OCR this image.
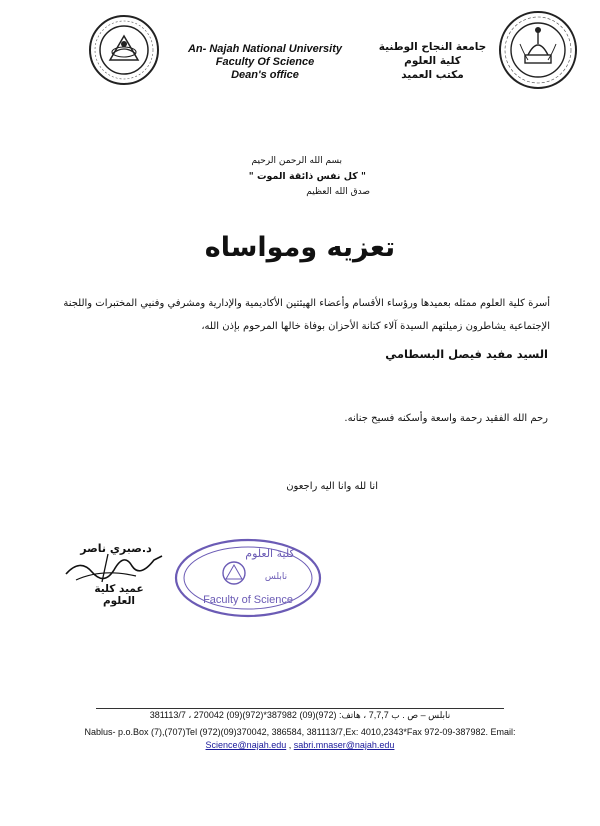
An- Najah National University
Faculty Of Science
Dean's office
جامعة النجاح الوطنية
كلية العلوم
مكتب العميد
بسم الله الرحمن الرحيم
" كل نفس ذائقة الموت "
صدق الله العظيم
تعزيه ومواساه
أسرة كلية العلوم ممثله بعميدها ورؤساء الأقسام وأعضاء الهيئتين الأكاديمية والإدارية ومشرفي وفنيي المختبرات واللجنة الإجتماعية يشاطرون زميلتهم السيدة آلاء كتانة الأحزان بوفاة خالها المرحوم بإذن الله،
السيد مفيد فيصل البسطامي
رحم الله الفقيد رحمة واسعة وأسكنه فسيح جنانه.
انا لله وانا اليه راجعون
د.صبري ناصر
عميد كلية العلوم
كلية العلوم
نابلس
Faculty of Science
نابلس – ص . ب 7,7,7 ، هاتف: (972)(09) 387982*(972)(09) 270042 ، 381113/7
Nablus- p.o.Box (7),(707)Tel (972)(09)370042, 386584, 381113/7,Ex: 4010,2343*Fax 972-09-387982. Email:
Science@najah.edu , sabri.mnaser@najah.edu
